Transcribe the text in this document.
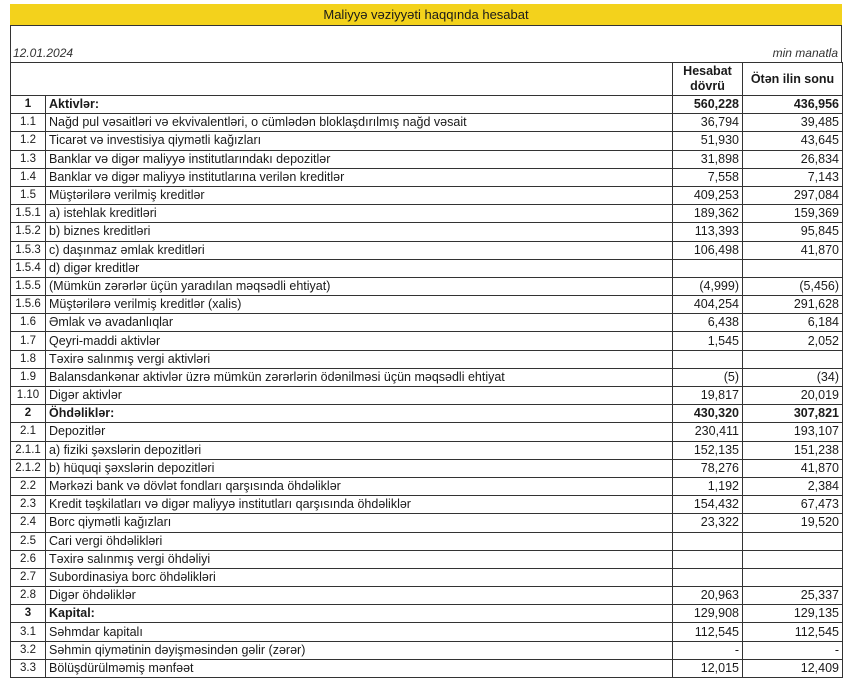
Maliyyə vəziyyəti haqqında hesabat
12.01.2024	min manatla
		Hesabat dövrü	Ötən ilin sonu
1	Aktivlər:	560,228	436,956
1.1	Nağd pul vəsaitləri və ekvivalentləri, o cümlədən bloklaşdırılmış nağd vəsait	36,794	39,485
1.2	Ticarət və investisiya qiymətli kağızları	51,930	43,645
1.3	Banklar və digər maliyyə institutlarındakı depozitlər	31,898	26,834
1.4	Banklar və digər maliyyə institutlarına verilən kreditlər	7,558	7,143
1.5	Müştərilərə verilmiş kreditlər	409,253	297,084
1.5.1	a) istehlak kreditləri	189,362	159,369
1.5.2	b) biznes kreditləri	113,393	95,845
1.5.3	c) daşınmaz əmlak kreditləri	106,498	41,870
1.5.4	d) digər kreditlər		
1.5.5	(Mümkün zərərlər üçün yaradılan məqsədli ehtiyat)	(4,999)	(5,456)
1.5.6	Müştərilərə verilmiş kreditlər (xalis)	404,254	291,628
1.6	Əmlak və avadanlıqlar	6,438	6,184
1.7	Qeyri-maddi aktivlər	1,545	2,052
1.8	Təxirə salınmış vergi aktivləri		
1.9	Balansdankənar aktivlər üzrə mümkün zərərlərin ödənilməsi üçün məqsədli ehtiyat	(5)	(34)
1.10	Digər aktivlər	19,817	20,019
2	Öhdəliklər:	430,320	307,821
2.1	Depozitlər	230,411	193,107
2.1.1	a) fiziki şəxslərin depozitləri	152,135	151,238
2.1.2	b) hüquqi şəxslərin depozitləri	78,276	41,870
2.2	Mərkəzi bank və dövlət fondları qarşısında öhdəliklər	1,192	2,384
2.3	Kredit təşkilatları və digər maliyyə institutları qarşısında öhdəliklər	154,432	67,473
2.4	Borc qiymətli kağızları	23,322	19,520
2.5	Cari vergi öhdəlikləri		
2.6	Təxirə salınmış vergi öhdəliyi		
2.7	Subordinasiya borc öhdəlikləri		
2.8	Digər öhdəliklər	20,963	25,337
3	Kapital:	129,908	129,135
3.1	Səhmdar kapitalı	112,545	112,545
3.2	Səhmin qiymətinin dəyişməsindən gəlir (zərər)	-	-
3.3	Bölüşdürülməmiş mənfəət	12,015	12,409
